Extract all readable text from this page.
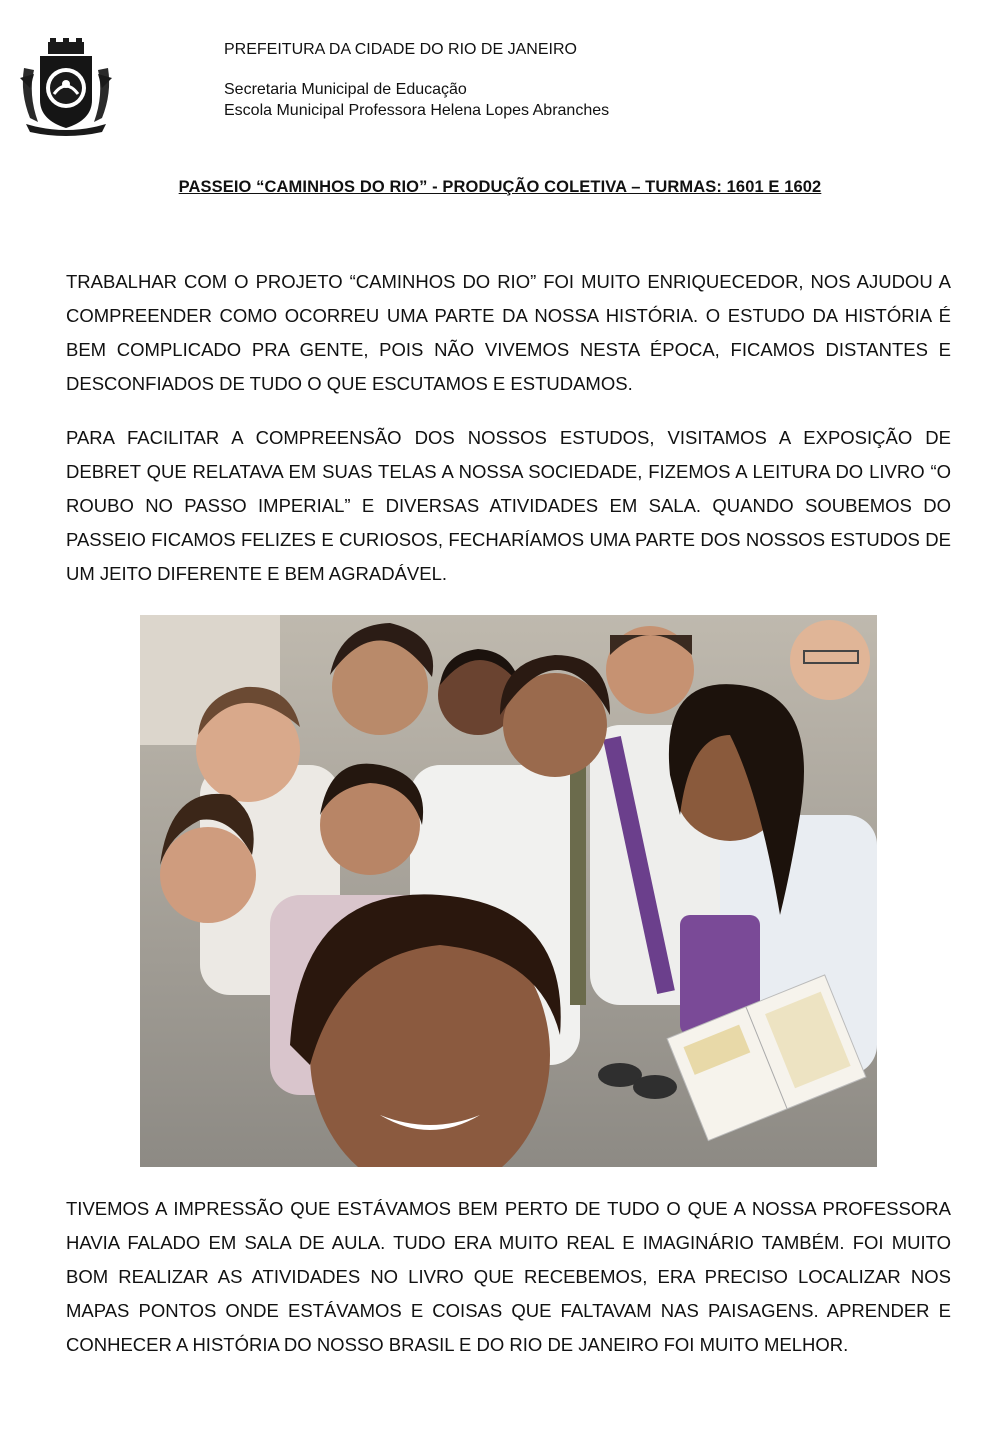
PREFEITURA DA CIDADE DO RIO DE JANEIRO
Secretaria Municipal de Educação
Escola Municipal Professora Helena Lopes Abranches
PASSEIO “CAMINHOS DO RIO” - PRODUÇÃO COLETIVA – TURMAS: 1601 E 1602

TRABALHAR COM O PROJETO “CAMINHOS DO RIO” FOI MUITO ENRIQUECEDOR, NOS AJUDOU A COMPREENDER COMO OCORREU UMA PARTE DA NOSSA HISTÓRIA. O ESTUDO DA HISTÓRIA É BEM COMPLICADO PRA GENTE, POIS NÃO VIVEMOS NESTA ÉPOCA, FICAMOS DISTANTES E DESCONFIADOS DE TUDO O QUE ESCUTAMOS E ESTUDAMOS.

PARA FACILITAR A COMPREENSÃO DOS NOSSOS ESTUDOS, VISITAMOS A EXPOSIÇÃO DE DEBRET QUE RELATAVA EM SUAS TELAS A NOSSA SOCIEDADE, FIZEMOS A LEITURA DO LIVRO “O ROUBO NO PASSO IMPERIAL” E DIVERSAS ATIVIDADES EM SALA. QUANDO SOUBEMOS DO PASSEIO FICAMOS FELIZES E CURIOSOS, FECHARÍAMOS UMA PARTE DOS NOSSOS ESTUDOS DE UM JEITO DIFERENTE E BEM AGRADÁVEL.

TIVEMOS A IMPRESSÃO QUE ESTÁVAMOS BEM PERTO DE TUDO O QUE A NOSSA PROFESSORA HAVIA FALADO EM SALA DE AULA. TUDO ERA MUITO REAL E IMAGINÁRIO TAMBÉM. FOI MUITO BOM REALIZAR AS ATIVIDADES NO LIVRO QUE RECEBEMOS, ERA PRECISO LOCALIZAR NOS MAPAS PONTOS ONDE ESTÁVAMOS E COISAS QUE FALTAVAM NAS PAISAGENS. APRENDER E CONHECER A HISTÓRIA DO NOSSO BRASIL E DO RIO DE JANEIRO FOI MUITO MELHOR.
